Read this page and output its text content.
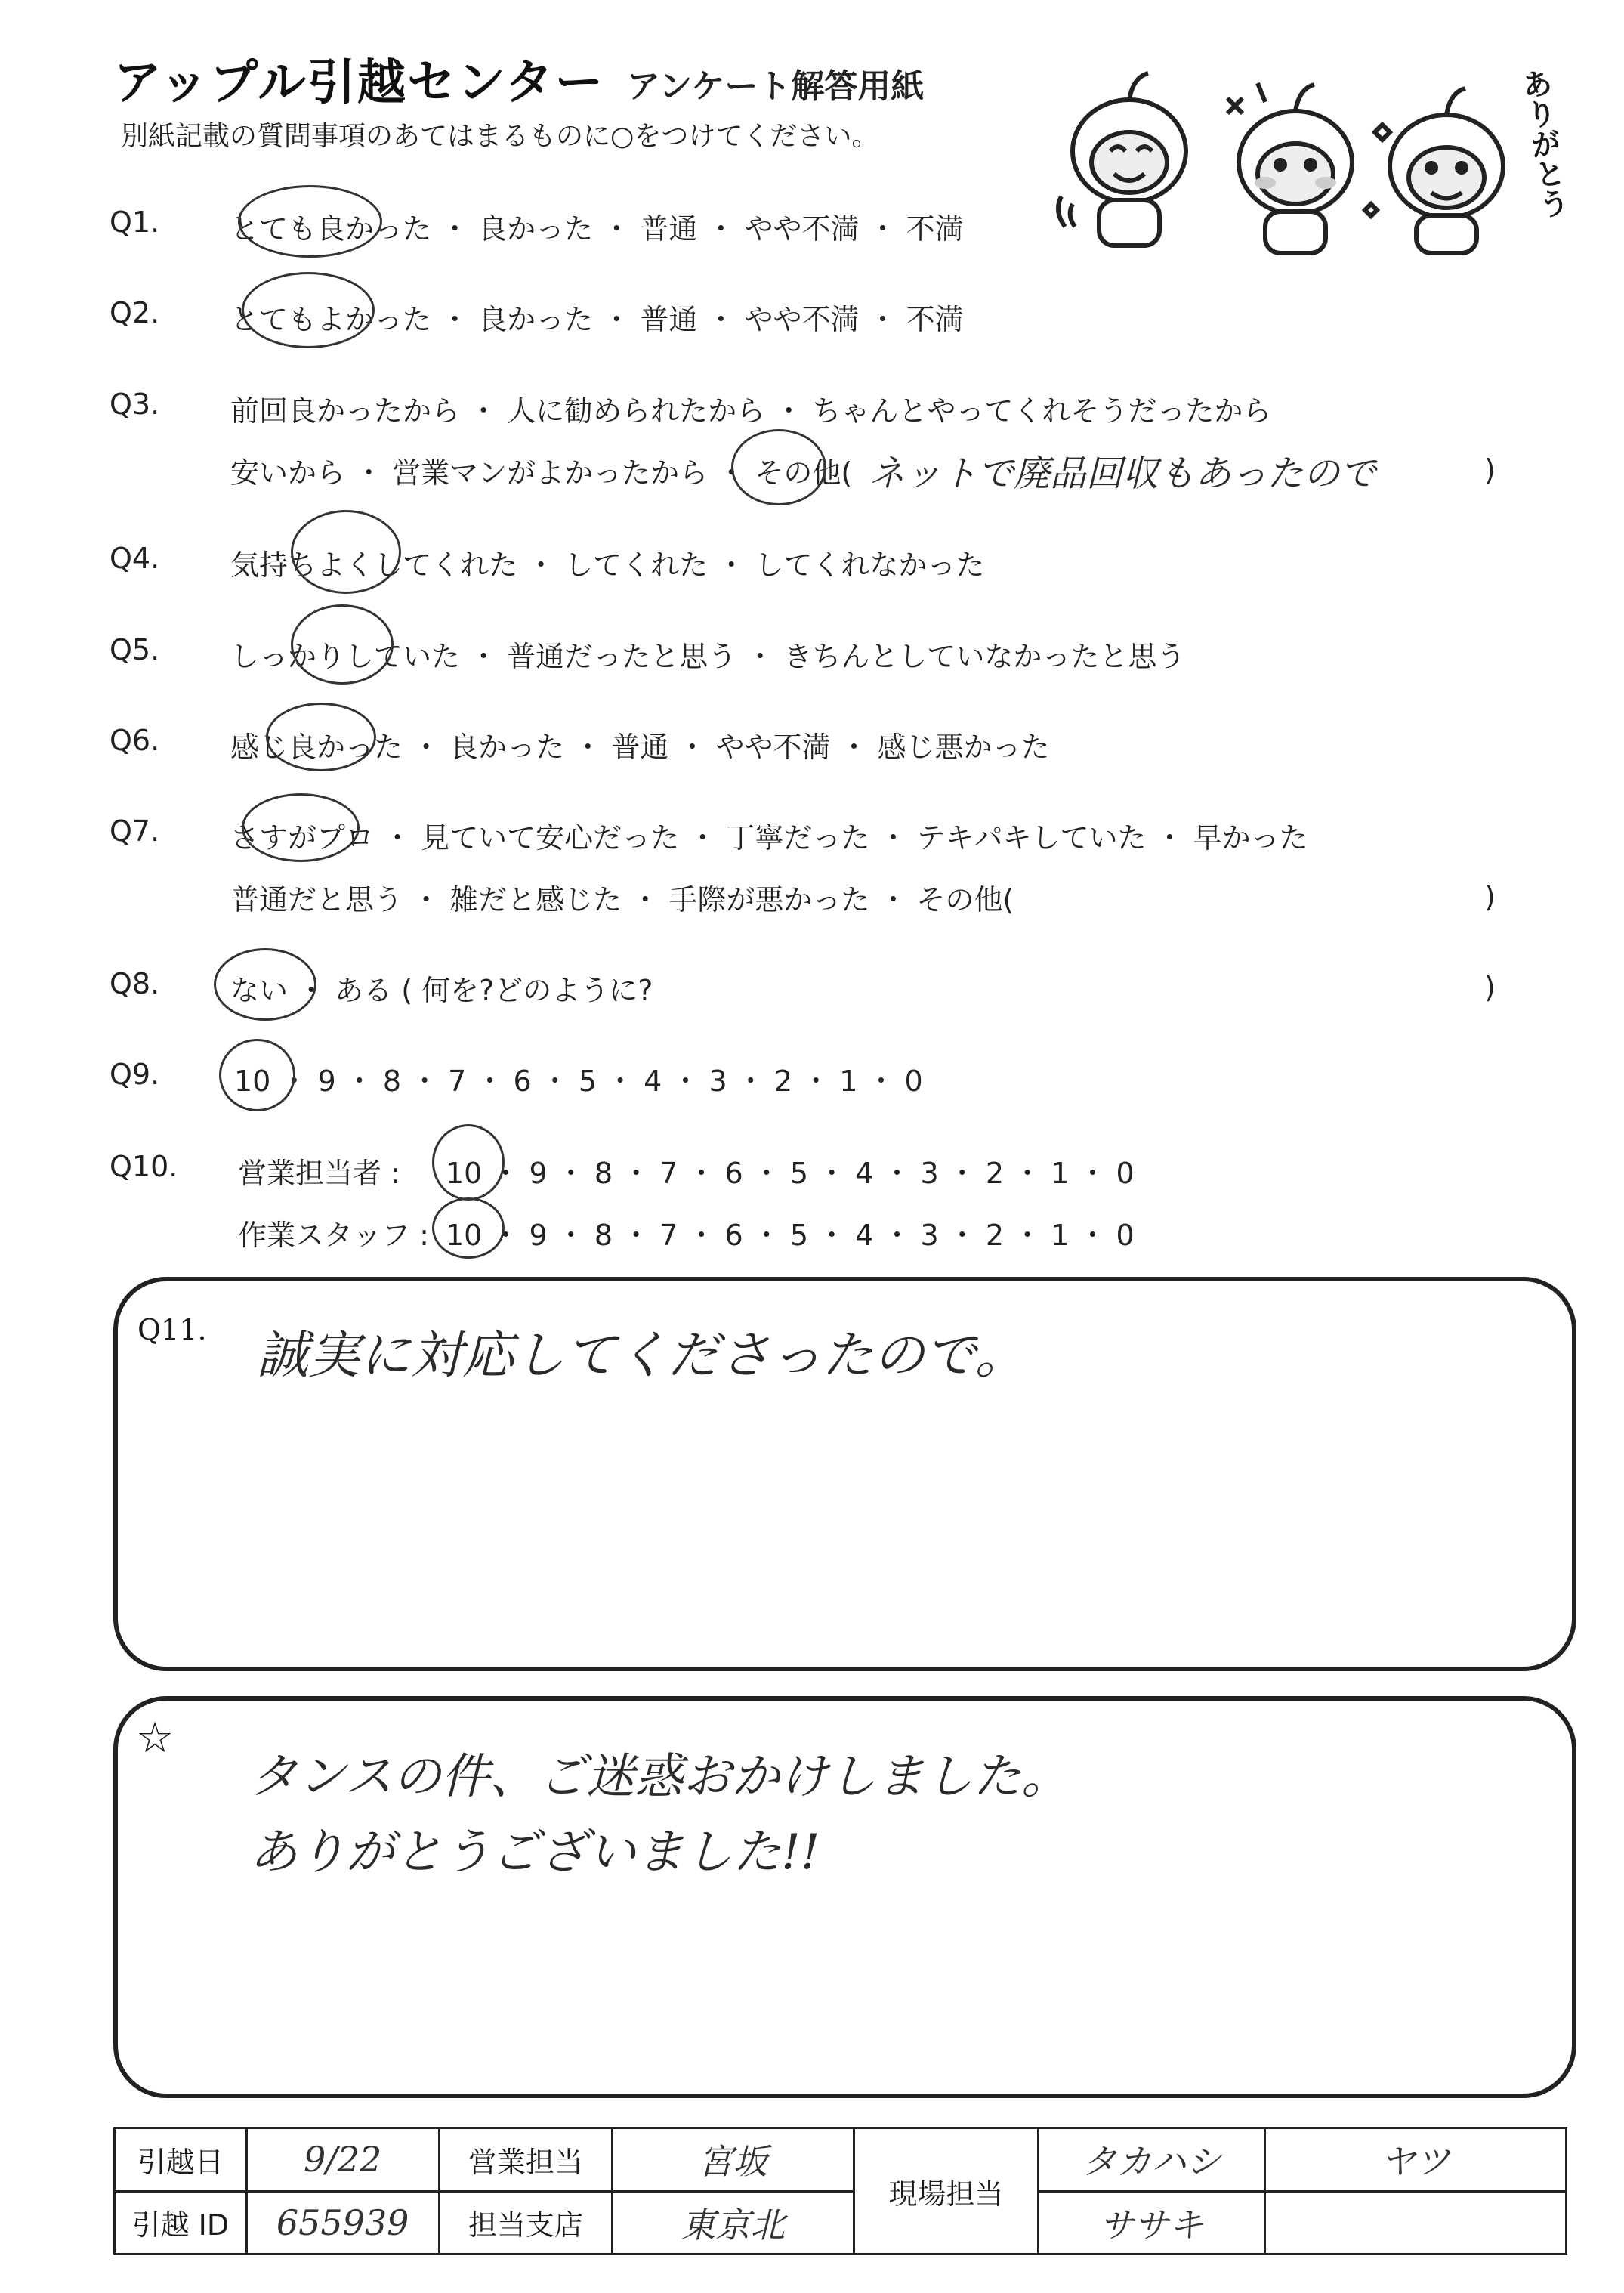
アップル引越センター アンケート解答用紙
別紙記載の質問事項のあてはまるものに○をつけてください。	ありがとう
Q1. とても良かった ・ 良かった ・ 普通 ・ やや不満 ・ 不満
Q2. とてもよかった ・ 良かった ・ 普通 ・ やや不満 ・ 不満
Q3. 前回良かったから ・ 人に勧められたから ・ ちゃんとやってくれそうだったから
安いから ・ 営業マンがよかったから ・ その他( ネットで廃品回収もあったので	)
Q4. 気持ちよくしてくれた ・ してくれた ・ してくれなかった
Q5. しっかりしていた ・ 普通だったと思う ・ きちんとしていなかったと思う
Q6. 感じ良かった ・ 良かった ・ 普通 ・ やや不満 ・ 感じ悪かった
Q7. さすがプロ ・ 見ていて安心だった ・ 丁寧だった ・ テキパキしていた ・ 早かった
普通だと思う ・ 雑だと感じた ・ 手際が悪かった ・ その他(	)
Q8. ない ・ ある ( 何を?どのように?	)
Q9.	10 ・ 9 ・ 8 ・ 7 ・ 6 ・ 5 ・ 4 ・ 3 ・ 2 ・ 1 ・ 0
Q10. 営業担当者 : 10 ・ 9 ・ 8 ・ 7 ・ 6 ・ 5 ・ 4 ・ 3 ・ 2 ・ 1 ・ 0
作業スタッフ : 10 ・ 9 ・ 8 ・ 7 ・ 6 ・ 5 ・ 4 ・ 3 ・ 2 ・ 1 ・ 0
Q11. 誠実に対応してくださったので。
☆
タンスの件、ご迷惑おかけしました。
ありがとうございました!!
引越日	9/22	営業担当	宮坂	現場担当	タカハシ	ヤツ
引越 ID	655939	担当支店	東京北		ササキ	
